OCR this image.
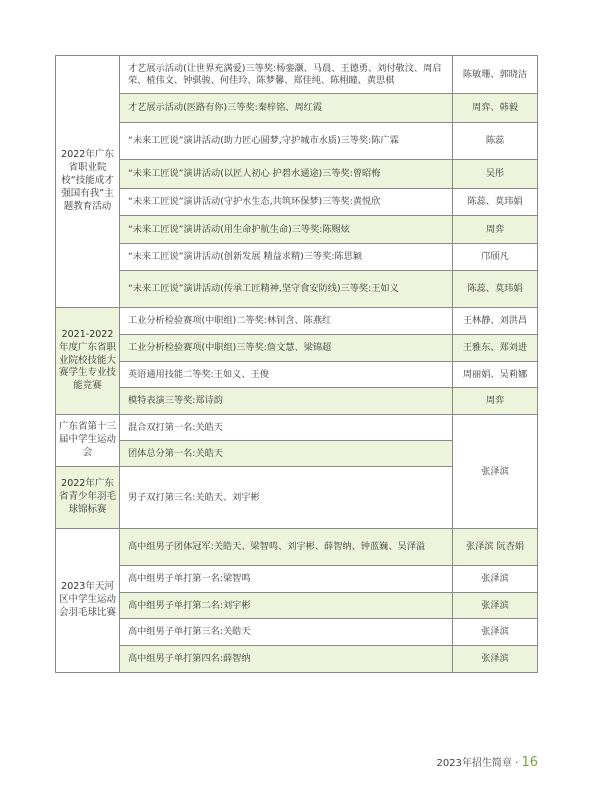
2022年广东省职业院校“技能成才强国有我”主题教育活动	才艺展示活动(让世界充满爱)三等奖:杨銮灏、马晨、王德勇、刘付敬汶、周启荣、植伟文、钟骐骏、何佳玲、陈梦馨、郑佳纯、陈栩瞳、黄思棋	陈敏珊、郭晓洁
	才艺展示活动(医路有你)三等奖:秦梓铭、周红霞	周弈、韩毅
	“未来工匠说”演讲活动(助力匠心圆梦,守护城市水质)三等奖:陈广霖	陈蕊
	“未来工匠说”演讲活动(以匠人初心 护碧水通途)三等奖:曾昭梅	吴彤
	“未来工匠说”演讲活动(守护水生态,共筑环保梦)三等奖:黄悦欣	陈蕊、莫玮娟
	“未来工匠说”演讲活动(用生命护航生命)三等奖:陈赐炫	周弈
	“未来工匠说”演讲活动(创新发展 精益求精)三等奖:陈思颖	邝颀凡
	“未来工匠说”演讲活动(传承工匠精神,坚守食安防线)三等奖:王如义	陈蕊、莫玮娟
2021-2022年度广东省职业院校技能大赛学生专业技能竞赛	工业分析检验赛项(中职组)二等奖:林钊含、陈燕红	王林静、刘洪昌
	工业分析检验赛项(中职组)三等奖:詹文慧、梁锦超	王雅东、郑刘进
	英语通用技能二等奖:王如义、王俊	周丽娟、吴莉娜
	模特表演三等奖:郑诗韵	周弈
广东省第十三届中学生运动会	混合双打第一名:关皓天	张泽滨
	团体总分第一名:关皓天	
2022年广东省青少年羽毛球锦标赛	男子双打第三名:关皓天、刘宇彬	
2023年天河区中学生运动会羽毛球比赛	高中组男子团体冠军:关皓天、梁智鸣、刘宇彬、薛智纳、钟蓝巍、吴泽溢	张泽滨 阮杏娟
	高中组男子单打第一名:梁智鸣	张泽滨
	高中组男子单打第二名:刘宇彬	张泽滨
	高中组男子单打第三名:关皓天	张泽滨
	高中组男子单打第四名:薛智纳	张泽滨
2023年招生简章 · 16
